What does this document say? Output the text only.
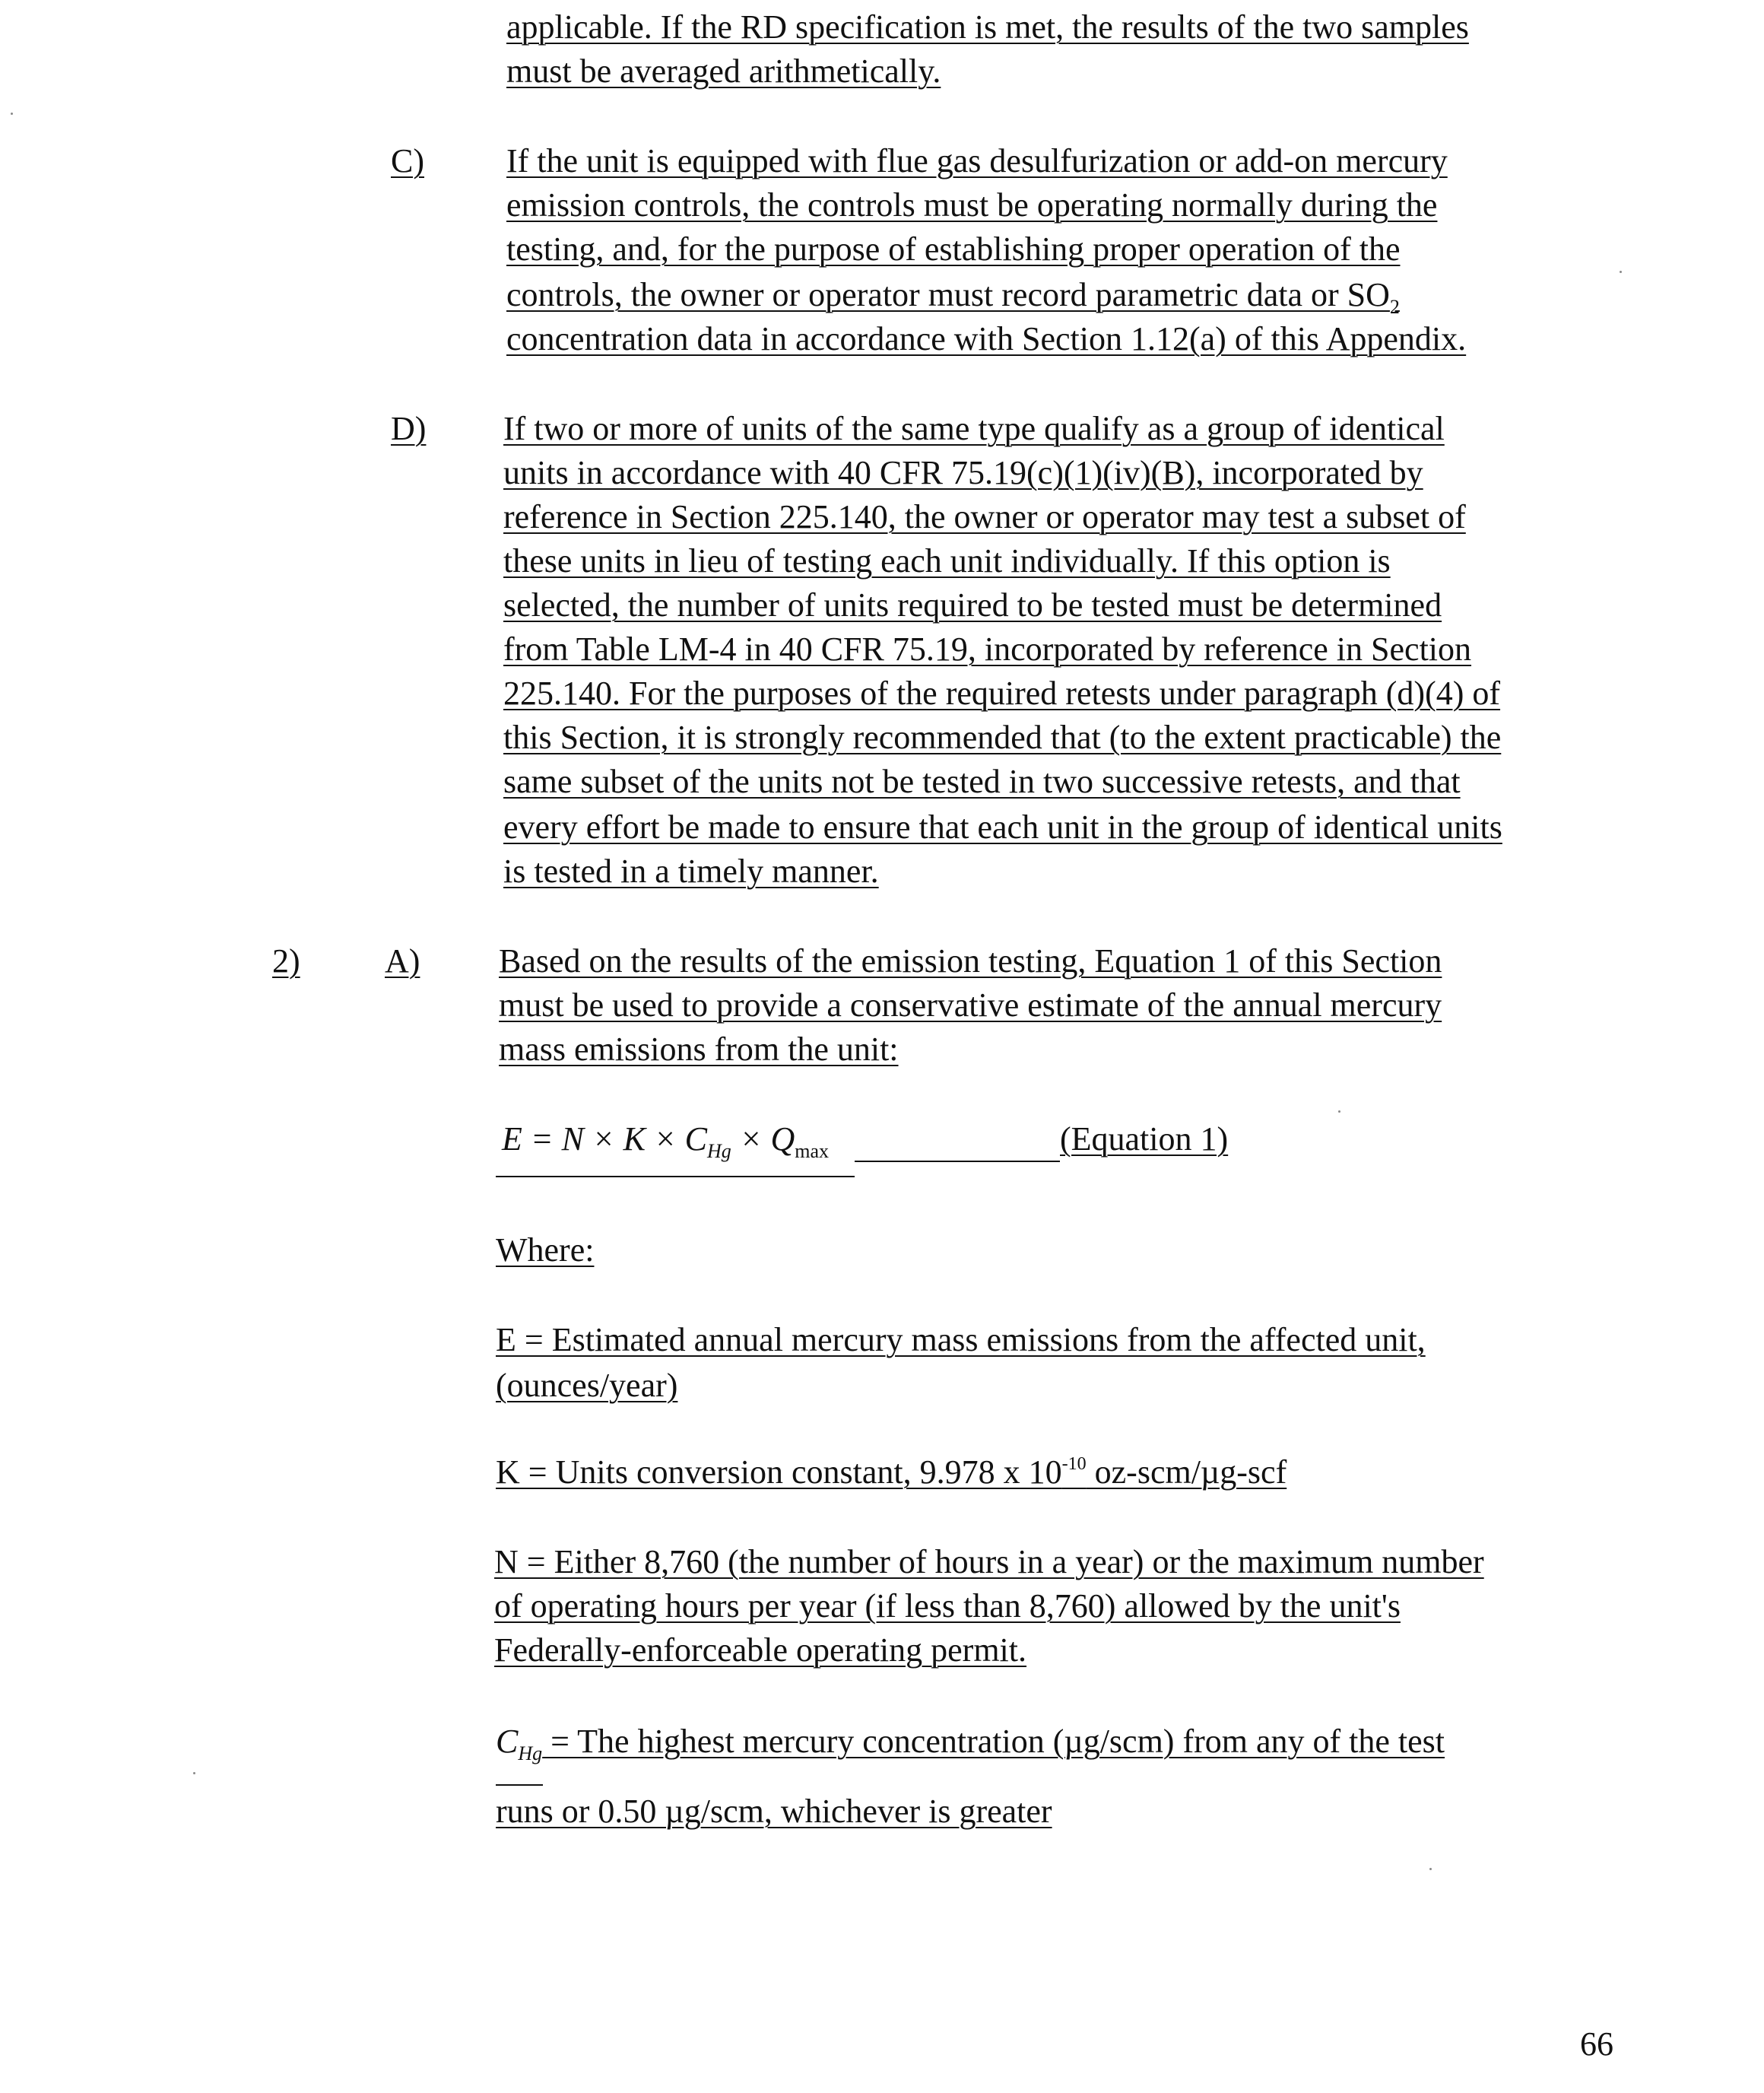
applicable. If the RD specification is met, the results of the two samples
must be averaged arithmetically.
C) If the unit is equipped with flue gas desulfurization or add-on mercury
emission controls, the controls must be operating normally during the
testing, and, for the purpose of establishing proper operation of the
controls, the owner or operator must record parametric data or $SO_2$
concentration data in accordance with Section 1.12(a) of this Appendix.
D) If two or more of units of the same type qualify as a group of identical
units in accordance with 40 CFR 75.19(c)(1)(iv)(B), incorporated by
reference in Section 225.140, the owner or operator may test a subset of
these units in lieu of testing each unit individually. If this option is
selected, the number of units required to be tested must be determined
from Table LM-4 in 40 CFR 75.19, incorporated by reference in Section
225.140. For the purposes of the required retests under paragraph (d)(4) of
this Section, it is strongly recommended that (to the extent practicable) the
same subset of the units not be tested in two successive retests, and that
every effort be made to ensure that each unit in the group of identical units
is tested in a timely manner.
2)	A) Based on the results of the emission testing, Equation 1 of this Section
must be used to provide a conservative estimate of the annual mercury
mass emissions from the unit:
$E = N \times K \times C_{Hg} \times Q_{max}$	(Equation 1)
Where:
E = Estimated annual mercury mass emissions from the affected unit,
(ounces/year)
K = Units conversion constant, 9.978 x $10^{-10}$ oz-scm/µg-scf
N = Either 8,760 (the number of hours in a year) or the maximum number
of operating hours per year (if less than 8,760) allowed by the unit's
Federally-enforceable operating permit.
$C_{Hg}$ = The highest mercury concentration (µg/scm) from any of the test
runs or 0.50 µg/scm, whichever is greater
66
